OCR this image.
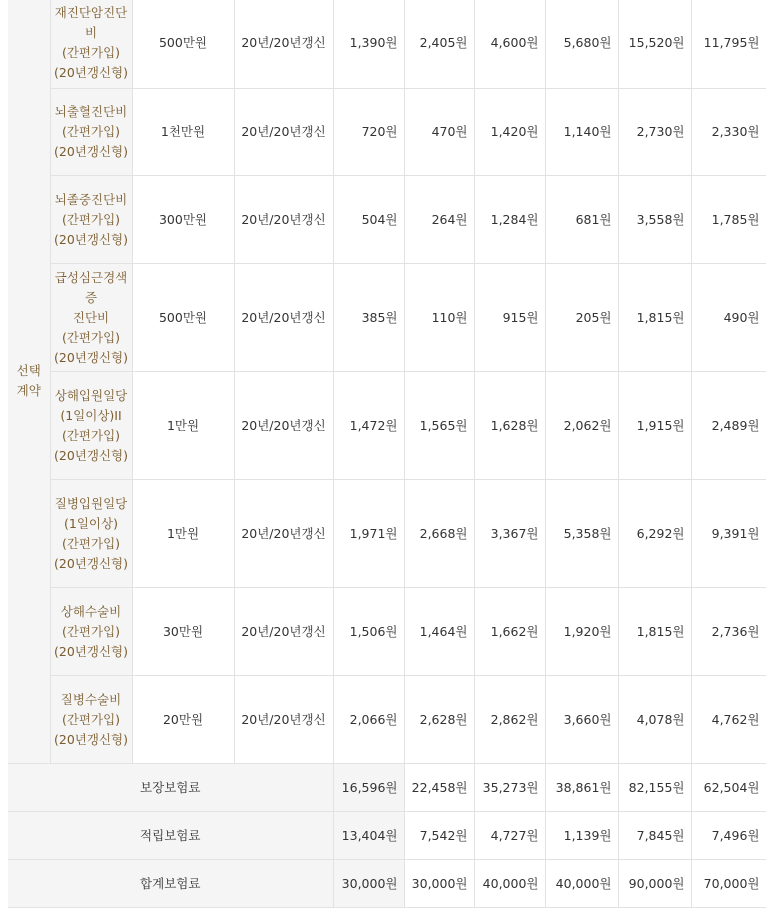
선택
계약	재진단암진단비
(간편가입)
(20년갱신형)	500만원	20년/20년갱신	1,390원	2,405원	4,600원	5,680원	15,520원	11,795원

	뇌출혈진단비
(간편가입)
(20년갱신형)	1천만원	20년/20년갱신	720원	470원	1,420원	1,140원	2,730원	2,330원

	뇌졸중진단비
(간편가입)
(20년갱신형)	300만원	20년/20년갱신	504원	264원	1,284원	681원	3,558원	1,785원

	급성심근경색증
진단비
(간편가입)
(20년갱신형)	500만원	20년/20년갱신	385원	110원	915원	205원	1,815원	490원

	상해입원일당
(1일이상)II
(간편가입)
(20년갱신형)	1만원	20년/20년갱신	1,472원	1,565원	1,628원	2,062원	1,915원	2,489원

	질병입원일당
(1일이상)
(간편가입)
(20년갱신형)	1만원	20년/20년갱신	1,971원	2,668원	3,367원	5,358원	6,292원	9,391원

	상해수술비
(간편가입)
(20년갱신형)	30만원	20년/20년갱신	1,506원	1,464원	1,662원	1,920원	1,815원	2,736원

	질병수술비
(간편가입)
(20년갱신형)	20만원	20년/20년갱신	2,066원	2,628원	2,862원	3,660원	4,078원	4,762원
보장보험료				16,596원	22,458원	35,273원	38,861원	82,155원	62,504원
적립보험료				13,404원	7,542원	4,727원	1,139원	7,845원	7,496원
합계보험료				30,000원	30,000원	40,000원	40,000원	90,000원	70,000원
